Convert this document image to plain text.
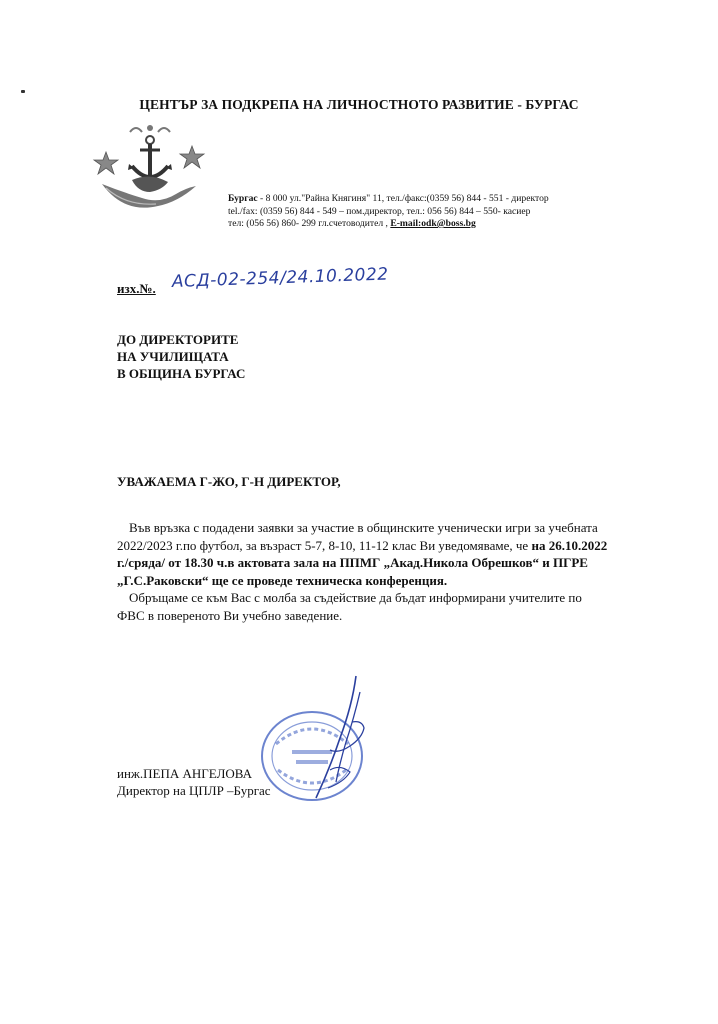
ЦЕНТЪР ЗА ПОДКРЕПА НА ЛИЧНОСТНОТО РАЗВИТИЕ - БУРГАС
Бургас - 8 000 ул."Райна Княгиня" 11, тел./факс:(0359 56) 844 - 551 - директор
tel./fax: (0359 56) 844 - 549 – пом.директор, тел.: 056 56) 844 – 550- касиер
тел: (056 56) 860- 299 гл.счетоводител , E-mail:odk@boss.bg
изх.№. АСД-02-254/24.10.2022
ДО ДИРЕКТОРИТЕ
НА УЧИЛИЩАТА
В ОБЩИНА БУРГАС
УВАЖАЕМА Г-ЖО, Г-Н ДИРЕКТОР,

Във връзка с подадени заявки за участие в общинските ученически игри за учебната 2022/2023 г.по футбол, за възраст 5-7, 8-10, 11-12 клас Ви уведомяваме, че на 26.10.2022 г./сряда/ от 18.30 ч.в актовата зала на ППМГ „Акад.Никола Обрешков“ и ПГРЕ „Г.С.Раковски“ ще се проведе техническа конференция.

Обръщаме се към Вас с молба за съдействие да бъдат информирани учителите по ФВС в повереното Ви учебно заведение.

инж.ПЕПА АНГЕЛОВА
Директор на ЦПЛР –Бургас
